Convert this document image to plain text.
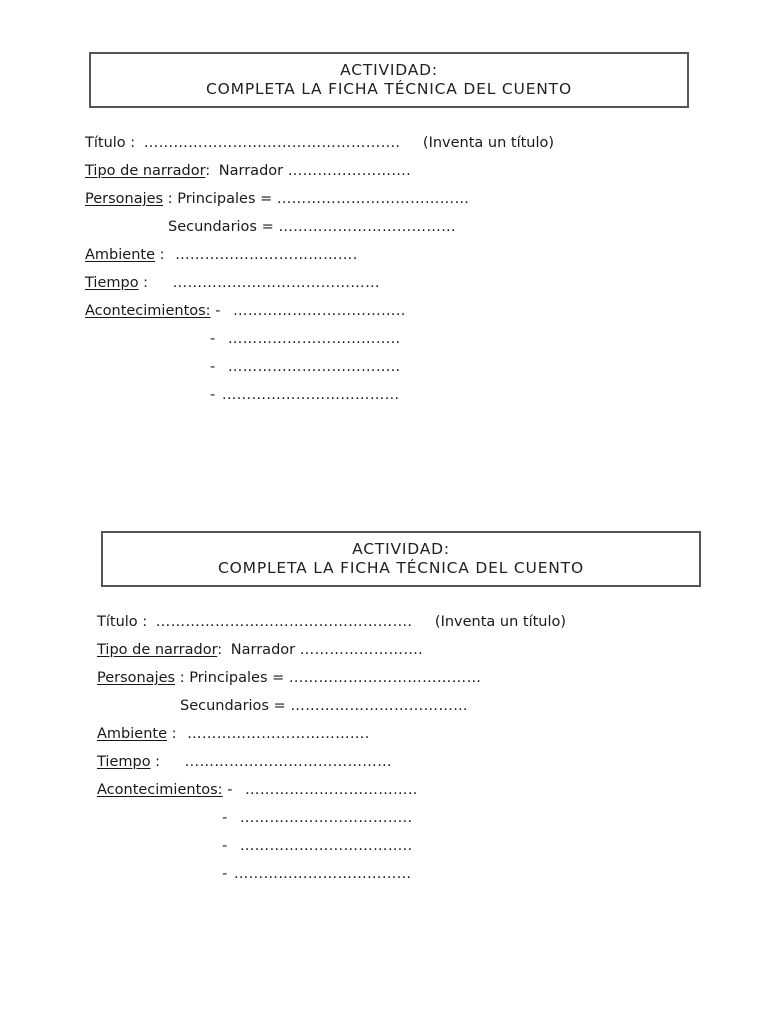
ACTIVIDAD:
COMPLETA LA FICHA TÉCNICA DEL CUENTO
Título : ……………………………………………. (Inventa un título)
Tipo de narrador: Narrador …………………….
Personajes : Principales = …………………………………
Secundarios = ………………………………
Ambiente : ……………………………….
Tiempo : ……………………………………
Acontecimientos: - ……………………………..
- ……………………………..
- ……………………………..
- ………………………………
ACTIVIDAD:
COMPLETA LA FICHA TÉCNICA DEL CUENTO
Título : ……………………………………………. (Inventa un título)
Tipo de narrador: Narrador …………………….
Personajes : Principales = …………………………………
Secundarios = ………………………………
Ambiente : ……………………………….
Tiempo : ……………………………………
Acontecimientos: - ……………………………..
- ……………………………..
- ……………………………..
- ………………………………
